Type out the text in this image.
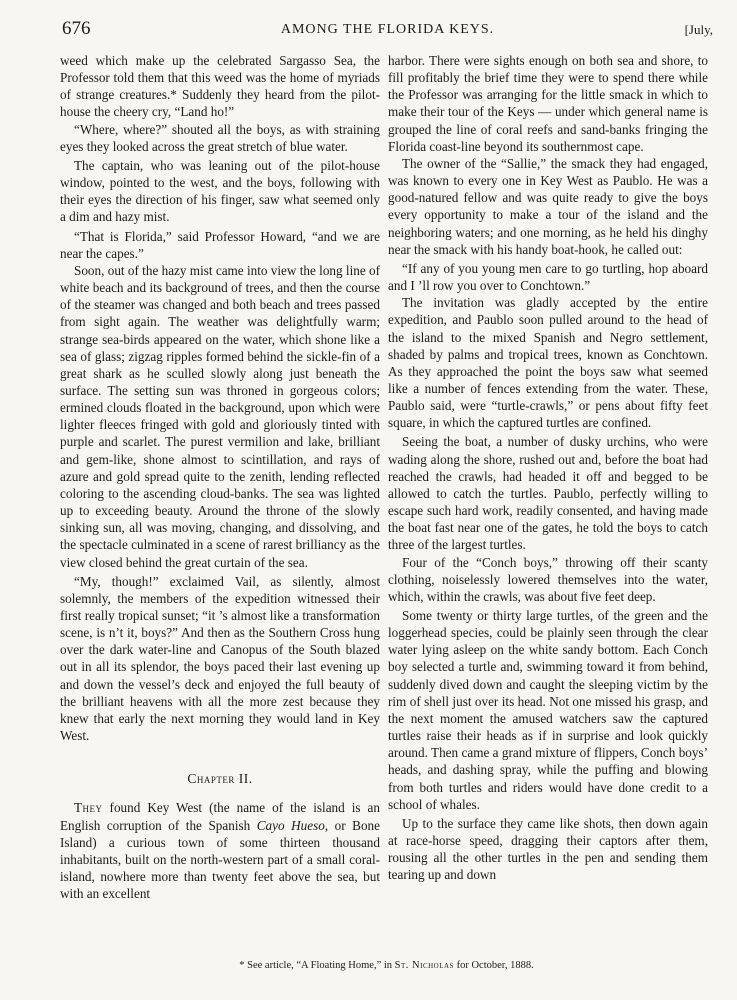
676	AMONG THE FLORIDA KEYS.	[July,

weed which make up the celebrated Sargasso Sea, the Professor told them that this weed was the home of myriads of strange creatures.* Suddenly they heard from the pilot-house the cheery cry, “Land ho!”

“Where, where?” shouted all the boys, as with straining eyes they looked across the great stretch of blue water.

The captain, who was leaning out of the pilot-house window, pointed to the west, and the boys, following with their eyes the direction of his finger, saw what seemed only a dim and hazy mist.

“That is Florida,” said Professor Howard, “and we are near the capes.”

Soon, out of the hazy mist came into view the long line of white beach and its background of trees, and then the course of the steamer was changed and both beach and trees passed from sight again. The weather was delightfully warm; strange sea-birds appeared on the water, which shone like a sea of glass; zigzag ripples formed behind the sickle-fin of a great shark as he sculled slowly along just beneath the surface. The setting sun was throned in gorgeous colors; ermined clouds floated in the background, upon which were lighter fleeces fringed with gold and gloriously tinted with purple and scarlet. The purest vermilion and lake, brilliant and gem-like, shone almost to scintillation, and rays of azure and gold spread quite to the zenith, lending reflected coloring to the ascending cloud-banks. The sea was lighted up to exceeding beauty. Around the throne of the slowly sinking sun, all was moving, changing, and dissolving, and the spectacle culminated in a scene of rarest brilliancy as the view closed behind the great curtain of the sea.

“My, though!” exclaimed Vail, as silently, almost solemnly, the members of the expedition witnessed their first really tropical sunset; “it ’s almost like a transformation scene, is n’t it, boys?” And then as the Southern Cross hung over the dark water-line and Canopus of the South blazed out in all its splendor, the boys paced their last evening up and down the vessel’s deck and enjoyed the full beauty of the brilliant heavens with all the more zest because they knew that early the next morning they would land in Key West.

Chapter II.

They found Key West (the name of the island is an English corruption of the Spanish Cayo Hueso, or Bone Island) a curious town of some thirteen thousand inhabitants, built on the north-western part of a small coral-island, nowhere more than twenty feet above the sea, but with an excellent

harbor. There were sights enough on both sea and shore, to fill profitably the brief time they were to spend there while the Professor was arranging for the little smack in which to make their tour of the Keys — under which general name is grouped the line of coral reefs and sand-banks fringing the Florida coast-line beyond its southernmost cape.

The owner of the “Sallie,” the smack they had engaged, was known to every one in Key West as Paublo. He was a good-natured fellow and was quite ready to give the boys every opportunity to make a tour of the island and the neighboring waters; and one morning, as he held his dinghy near the smack with his handy boat-hook, he called out:

“If any of you young men care to go turtling, hop aboard and I ’ll row you over to Conchtown.”

The invitation was gladly accepted by the entire expedition, and Paublo soon pulled around to the head of the island to the mixed Spanish and Negro settlement, shaded by palms and tropical trees, known as Conchtown. As they approached the point the boys saw what seemed like a number of fences extending from the water. These, Paublo said, were “turtle-crawls,” or pens about fifty feet square, in which the captured turtles are confined.

Seeing the boat, a number of dusky urchins, who were wading along the shore, rushed out and, before the boat had reached the crawls, had headed it off and begged to be allowed to catch the turtles. Paublo, perfectly willing to escape such hard work, readily consented, and having made the boat fast near one of the gates, he told the boys to catch three of the largest turtles.

Four of the “Conch boys,” throwing off their scanty clothing, noiselessly lowered themselves into the water, which, within the crawls, was about five feet deep.

Some twenty or thirty large turtles, of the green and the loggerhead species, could be plainly seen through the clear water lying asleep on the white sandy bottom. Each Conch boy selected a turtle and, swimming toward it from behind, suddenly dived down and caught the sleeping victim by the rim of shell just over its head. Not one missed his grasp, and the next moment the amused watchers saw the captured turtles raise their heads as if in surprise and look quickly around. Then came a grand mixture of flippers, Conch boys’ heads, and dashing spray, while the puffing and blowing from both turtles and riders would have done credit to a school of whales.

Up to the surface they came like shots, then down again at race-horse speed, dragging their captors after them, rousing all the other turtles in the pen and sending them tearing up and down

* See article, “A Floating Home,” in St. Nicholas for October, 1888.
